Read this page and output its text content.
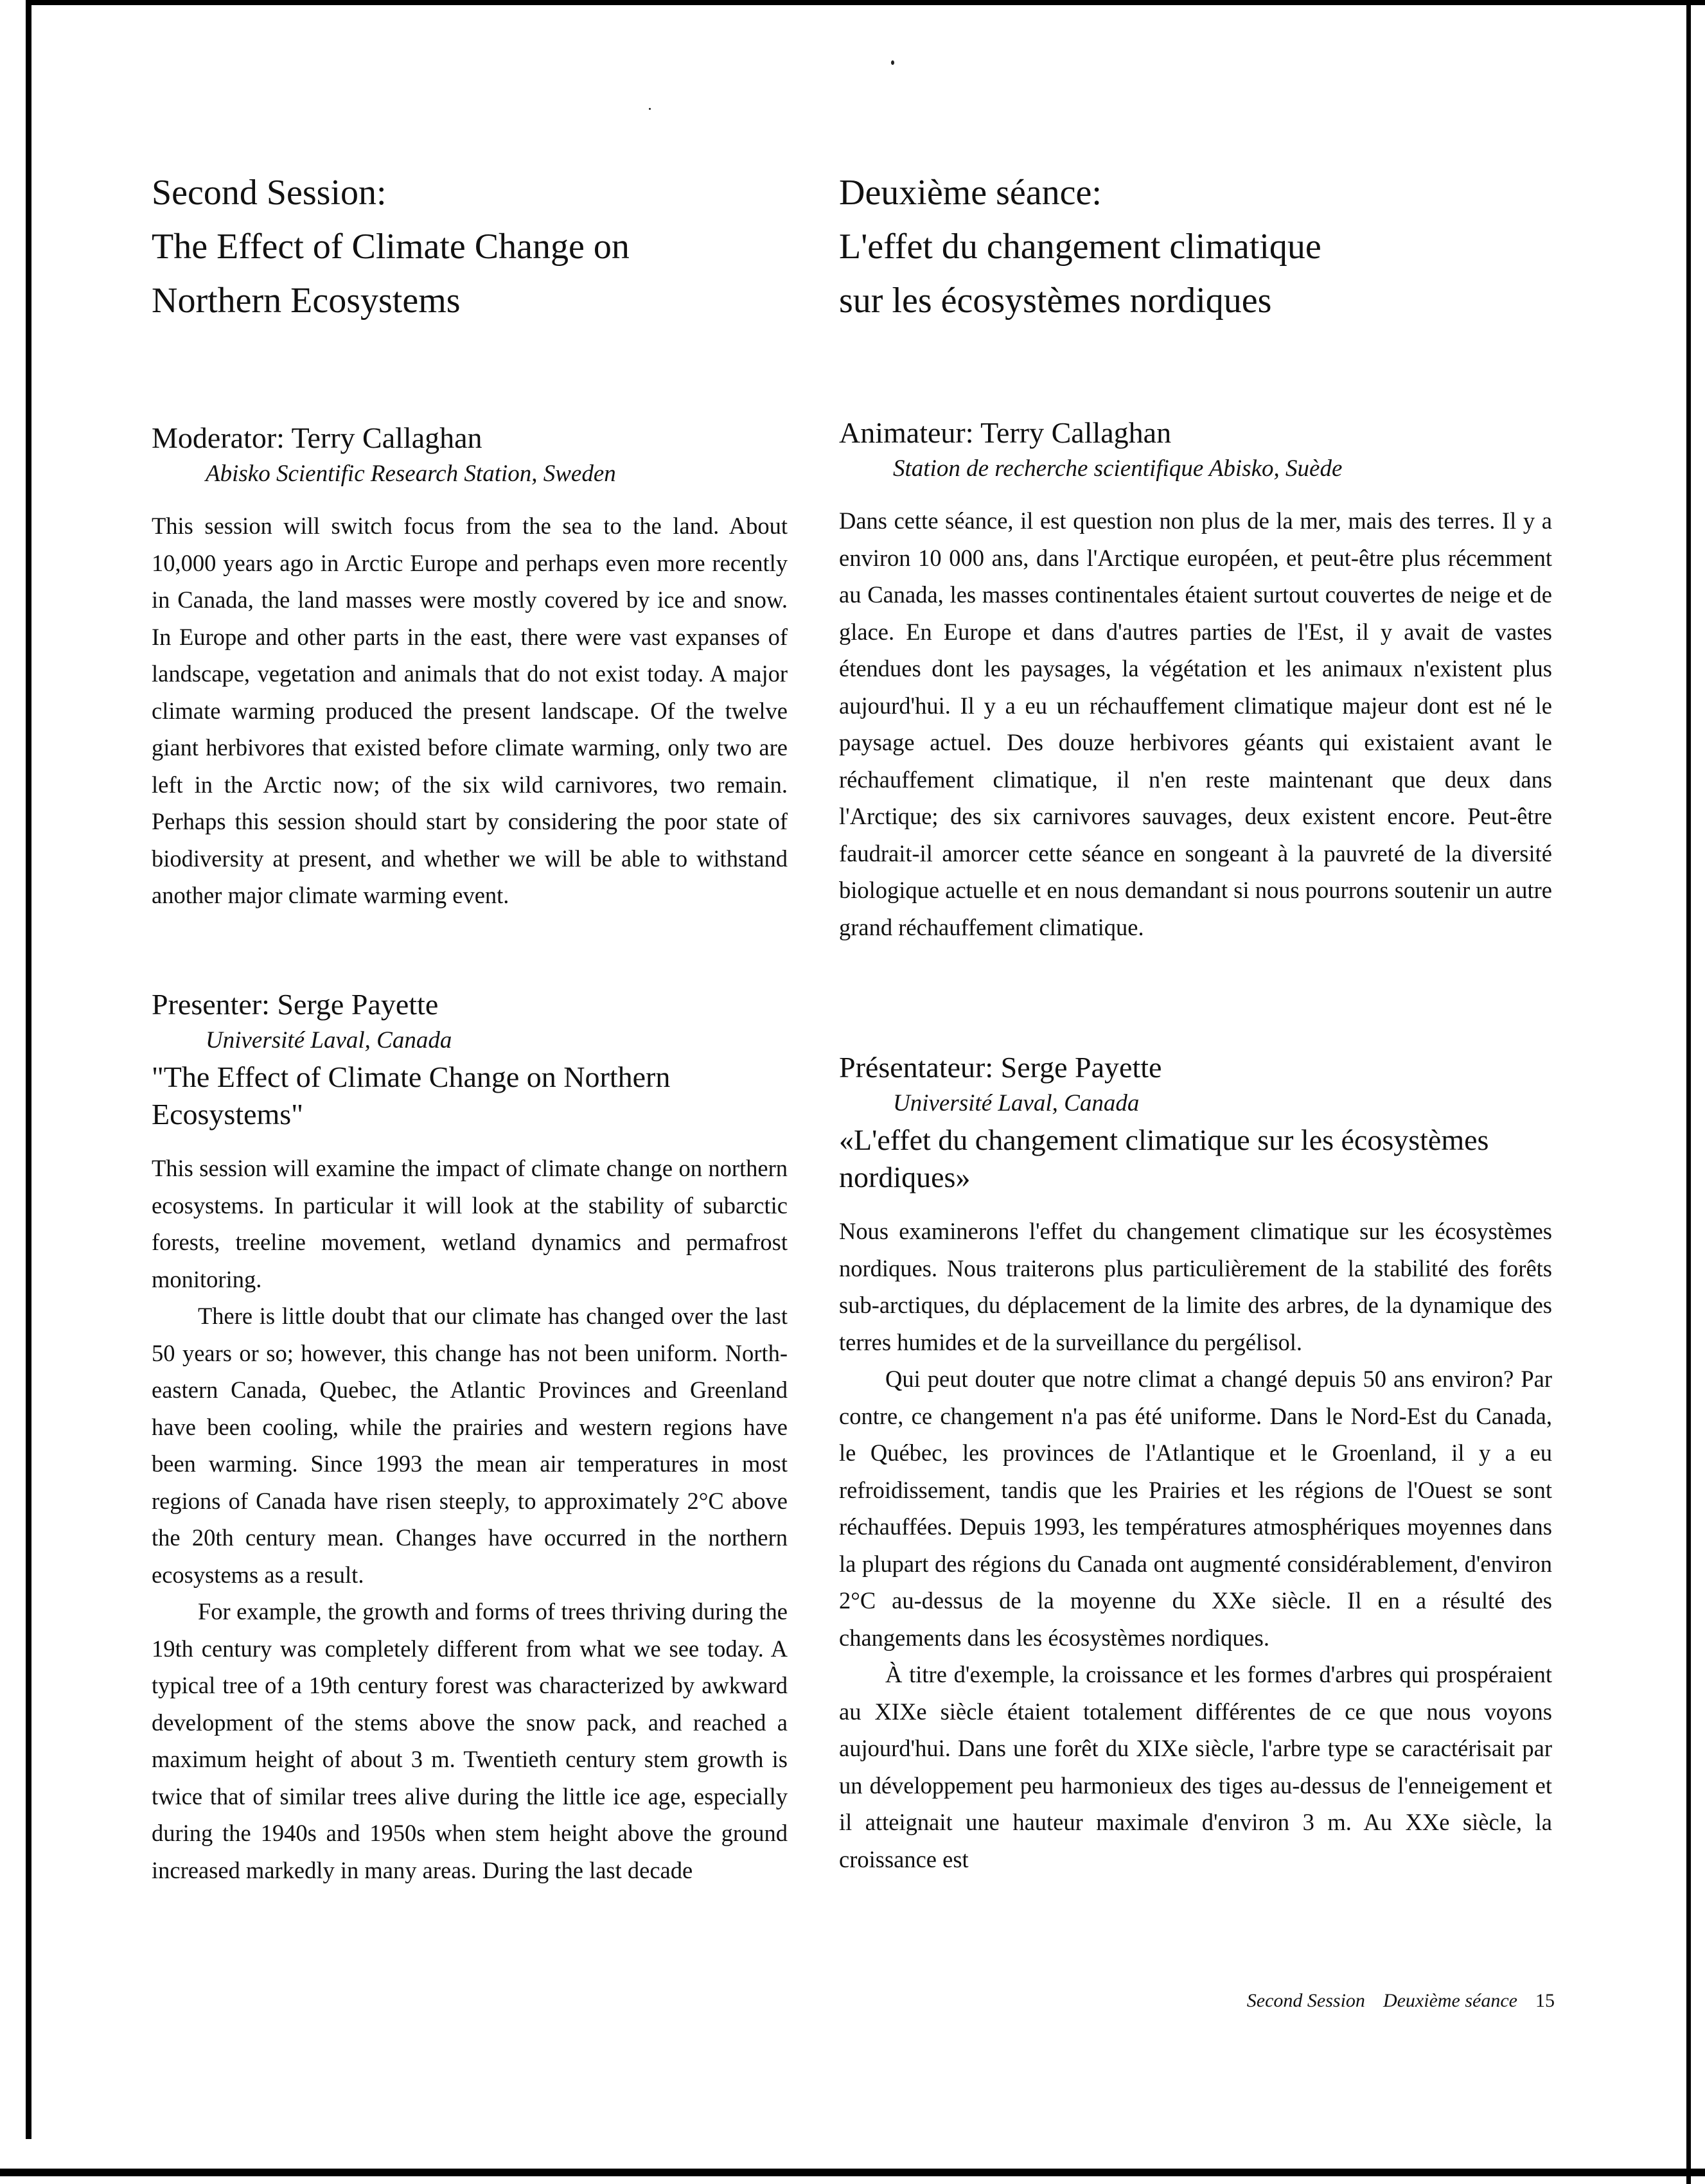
Second Session:
The Effect of Climate Change on
Northern Ecosystems

Moderator: Terry Callaghan

Abisko Scientific Research Station, Sweden

This session will switch focus from the sea to the land. About 10,000 years ago in Arctic Europe and perhaps even more recently in Canada, the land masses were mostly covered by ice and snow. In Europe and other parts in the east, there were vast expanses of landscape, vegetation and animals that do not exist today. A major climate warming produced the present landscape. Of the twelve giant herbivores that existed before climate warming, only two are left in the Arctic now; of the six wild carnivores, two remain. Perhaps this session should start by considering the poor state of biodiversity at present, and whether we will be able to withstand another major climate warming event.

Presenter: Serge Payette

Université Laval, Canada

"The Effect of Climate Change on Northern Ecosystems"

This session will examine the impact of climate change on northern ecosystems. In particular it will look at the stability of subarctic forests, treeline movement, wetland dynamics and permafrost monitoring.

There is little doubt that our climate has changed over the last 50 years or so; however, this change has not been uniform. North-eastern Canada, Quebec, the Atlantic Provinces and Greenland have been cooling, while the prairies and western regions have been warming. Since 1993 the mean air temperatures in most regions of Canada have risen steeply, to approximately 2°C above the 20th century mean. Changes have occurred in the northern ecosystems as a result.

For example, the growth and forms of trees thriving during the 19th century was completely different from what we see today. A typical tree of a 19th century forest was characterized by awkward development of the stems above the snow pack, and reached a maximum height of about 3 m. Twentieth century stem growth is twice that of similar trees alive during the little ice age, especially during the 1940s and 1950s when stem height above the ground increased markedly in many areas. During the last decade

Deuxième séance:
L'effet du changement climatique
sur les écosystèmes nordiques

Animateur: Terry Callaghan

Station de recherche scientifique Abisko, Suède

Dans cette séance, il est question non plus de la mer, mais des terres. Il y a environ 10 000 ans, dans l'Arctique européen, et peut-être plus récemment au Canada, les masses continentales étaient surtout couvertes de neige et de glace. En Europe et dans d'autres parties de l'Est, il y avait de vastes étendues dont les paysages, la végétation et les animaux n'existent plus aujourd'hui. Il y a eu un réchauffement climatique majeur dont est né le paysage actuel. Des douze herbivores géants qui existaient avant le réchauffement climatique, il n'en reste maintenant que deux dans l'Arctique; des six carnivores sauvages, deux existent encore. Peut-être faudrait-il amorcer cette séance en songeant à la pauvreté de la diversité biologique actuelle et en nous demandant si nous pourrons soutenir un autre grand réchauffement climatique.

Présentateur: Serge Payette

Université Laval, Canada

«L'effet du changement climatique sur les écosystèmes nordiques»

Nous examinerons l'effet du changement climatique sur les écosystèmes nordiques. Nous traiterons plus particulièrement de la stabilité des forêts sub-arctiques, du déplacement de la limite des arbres, de la dynamique des terres humides et de la surveillance du pergélisol.

Qui peut douter que notre climat a changé depuis 50 ans environ? Par contre, ce changement n'a pas été uniforme. Dans le Nord-Est du Canada, le Québec, les provinces de l'Atlantique et le Groenland, il y a eu refroidissement, tandis que les Prairies et les régions de l'Ouest se sont réchauffées. Depuis 1993, les températures atmosphériques moyennes dans la plupart des régions du Canada ont augmenté considérablement, d'environ 2°C au-dessus de la moyenne du XXe siècle. Il en a résulté des changements dans les écosystèmes nordiques.

À titre d'exemple, la croissance et les formes d'arbres qui prospéraient au XIXe siècle étaient totalement différentes de ce que nous voyons aujourd'hui. Dans une forêt du XIXe siècle, l'arbre type se caractérisait par un développement peu harmonieux des tiges au-dessus de l'enneigement et il atteignait une hauteur maximale d'environ 3 m. Au XXe siècle, la croissance est

Second Session Deuxième séance 15
